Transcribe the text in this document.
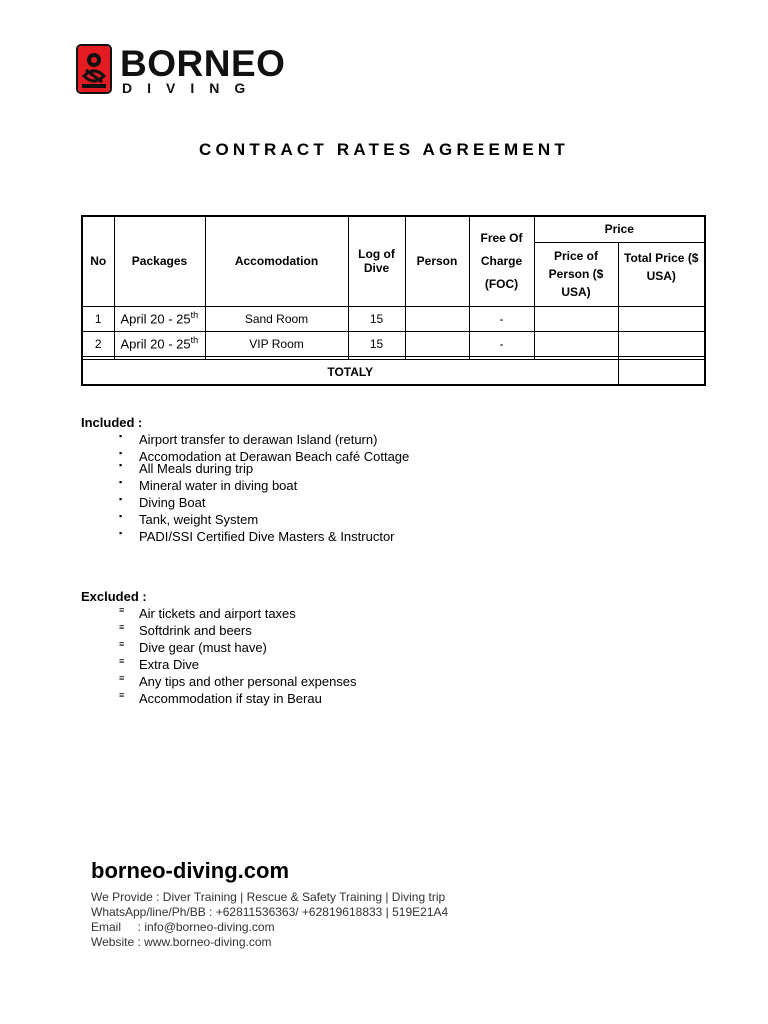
BORNEO
DIVING
CONTRACT RATES AGREEMENT
No	Packages	Accomodation	Log of Dive	Person	Free Of Charge (FOC)	Price	
						Price of Person ($ USA)	Total Price ($ USA)
1	April 20 - 25th	Sand Room	15		-		
2	April 20 - 25th	VIP Room	15		-		

TOTALY							
Included :
▪ Airport transfer to derawan Island (return)
▪ Accomodation at Derawan Beach café Cottage
▪ All Meals during trip
▪ Mineral water in diving boat
▪ Diving Boat
▪ Tank, weight System
▪ PADI/SSI Certified Dive Masters & Instructor
Excluded :
≡ Air tickets and airport taxes
≡ Softdrink and beers
≡ Dive gear (must have)
≡ Extra Dive
≡ Any tips and other personal expenses
≡ Accommodation if stay in Berau
borneo-diving.com
We Provide : Diver Training | Rescue & Safety Training | Diving trip
WhatsApp/line/Ph/BB : +62811536363/ +62819618833 | 519E21A4
Email     : info@borneo-diving.com
Website : www.borneo-diving.com
